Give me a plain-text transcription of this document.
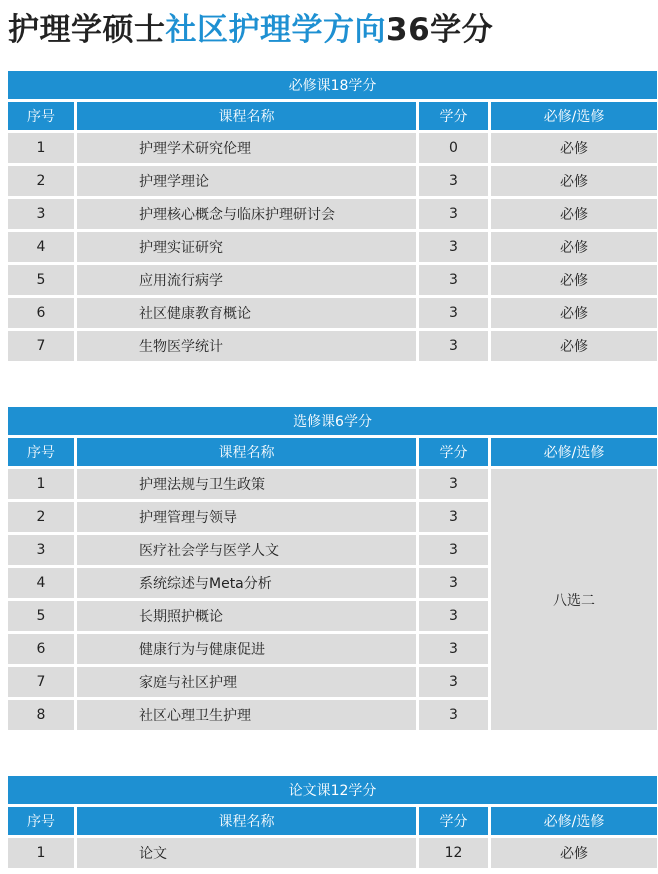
护理学硕士社区护理学方向36学分
必修课18学分			
序号	课程名称	学分	必修/选修
1	护理学术研究伦理	0	必修
2	护理学理论	3	必修
3	护理核心概念与临床护理研讨会	3	必修
4	护理实证研究	3	必修
5	应用流行病学	3	必修
6	社区健康教育概论	3	必修
7	生物医学统计	3	必修
选修课6学分			
序号	课程名称	学分	必修/选修
1	护理法规与卫生政策	3	八选二
2	护理管理与领导	3	
3	医疗社会学与医学人文	3	
4	系统综述与Meta分析	3	
5	长期照护概论	3	
6	健康行为与健康促进	3	
7	家庭与社区护理	3	
8	社区心理卫生护理	3	
论文课12学分			
序号	课程名称	学分	必修/选修
1	论文	12	必修
